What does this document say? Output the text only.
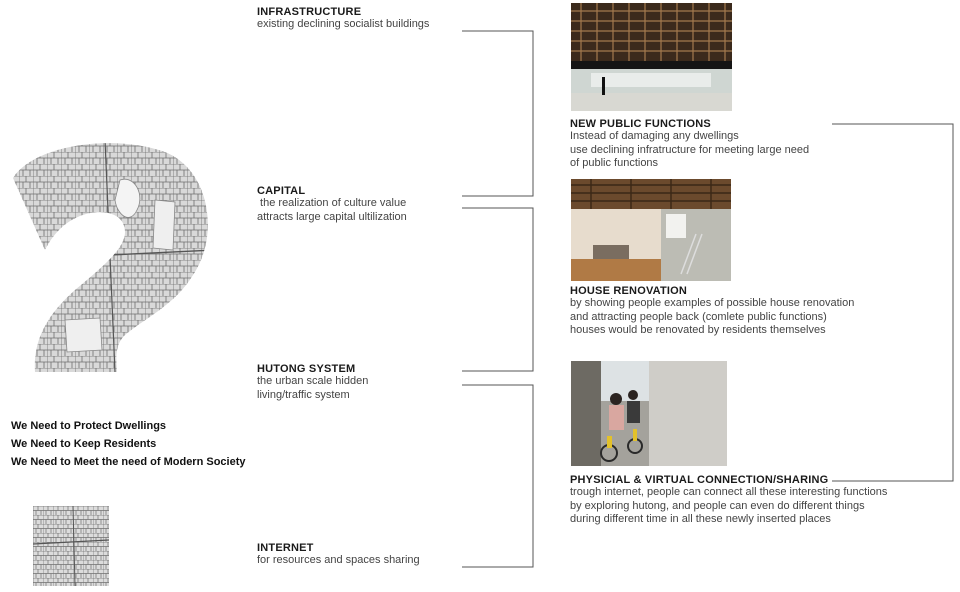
We Need to Protect Dwellings
We Need to Keep Residents
We Need to Meet the need of Modern Society
INFRASTRUCTURE
existing declining socialist buildings
CAPITAL
the realization of culture value
attracts large capital ultilization
HUTONG SYSTEM
the urban scale hidden
living/traffic system
INTERNET
for resources and spaces sharing
NEW PUBLIC FUNCTIONS
Instead of damaging any dwellings
use declining infratructure for meeting large need
of public functions
HOUSE RENOVATION
by showing people examples of possible house renovation
and attracting people back (comlete public functions)
houses would be renovated by residents themselves
PHYSICIAL & VIRTUAL CONNECTION/SHARING
trough internet, people can connect all these interesting functions
by exploring hutong, and people can even do different things
during different time in all these newly inserted places
